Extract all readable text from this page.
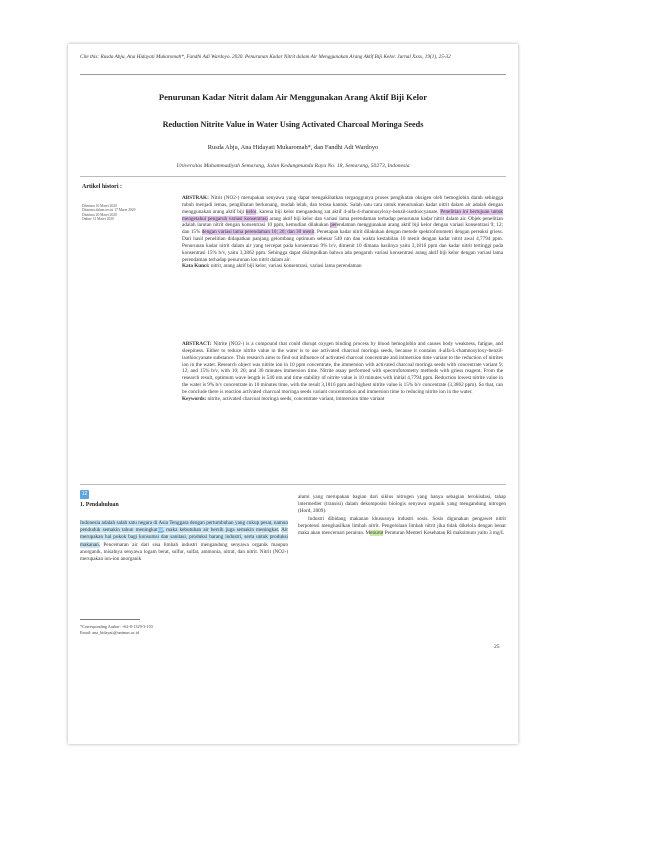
Cite this: Rusda Abju, Ana Hidayati Mukaromah*, Fandhi Adi Wardoyo. 2020. Penurunan Kadar Nitrit dalam Air Menggunakan Arang Aktif Biji Kelor. Jurnal Xxxx, 19(1), 25-32
Penurunan Kadar Nitrit dalam Air Menggunakan Arang Aktif Biji Kelor
Reduction Nitrite Value in Water Using Activated Charcoal Moringa Seeds
Rusda Abju, Ana Hidayati Mukaromah*, dan Fandhi Adi Wardoyo
Universitas Muhammadiyah Semarang, Jalan Kedungmundu Raya No. 18, Semarang, 50273, Indonesia
Artikel histori :
Diterima 16 Maret 2020
Diterima dalam revisi 17 Maret 2020
Diterima 20 Maret 2020
Online 31 Maret 2020
ABSTRAK: Nitrit (NO2-) merupakan senyawa yang dapat mengakibatkan terganggunya proses pengikatan oksigen oleh hemoglobin darah sehingga tubuh menjadi lemas, penglihatan berkunang, mudah lelah, dan terasa kantuk. Salah satu cara untuk menurunkan kadar nitrit dalam air adalah dengan menggunakan arang aktif biji kelor, karena biji kelor mengandung zat aktif 4-alfa-4-rhamnosyloxy-benzil-isothiocyanate. Penelitian ini bertujuan untuk mengetahui pengaruh variasi konsentrasi arang aktif biji kelor dan variasi lama perendaman terhadap penurunan kadar nitrit dalam air. Objek penelitian adalah larutan nitrit dengan konsentrasi 10 ppm, kemudian dilakukan perendaman menggunakan arang aktif biji kelor dengan variasi konsentrasi 9; 12; dan 15% dengan variasi lama perendaman 10; 20; dan 30 menit. Penetapan kadar nitrit dilakukan dengan metode spektrofotometri dengan pereaksi griess. Dari hasil penelitian didapatkan panjang gelombang optimum sebesar 540 nm dan waktu kestabilan 10 menit dengan kadar nitrit awal 4,7794 ppm. Penurunan kadar nitrit dalam air yang tercepat pada konsentrasi 9% b/v, dimenit 10 dimana hasilnya yaitu 3,1816 ppm dan kadar nitrit tertinggi pada konsentrasi 15% b/v, yaitu 3,3862 ppm. Sehingga dapat disimpulkan bahwa ada pengaruh variasi konsentrasi arang aktif biji kelor dengan variasi lama perendaman terhadap penurunan ion nitrit dalam air.
Kata Kunci: nitrit, arang aktif biji kelor, variasi konsentrasi, variasi lama perendaman
ABSTRACT: Nitrite (NO2-) is a compound that could disrupt oxygen binding process by blood hemoglobin and causes body weakness, fatigue, and sleepiness. Either to reduce nitrite value in the water is to use activated charcoal moringa seeds, because it contains 4-alfa-L-rhamnosyloxy-benzil-isothiocyanate substance. This research aims to find out influence of activated charcoal concentrate and immersion time variant to the reduction of nitrites ion in the water. Research object was nitrite ion in 10 ppm concentrate, the immersion with activated charcoal moringa seeds with concentrate variant 9; 12; and 15% b/v, with 10; 20; and 30 minutes immersion time. Nitrite assay performed with spectrofotometry methods with griess reagent. From the research result, optimum wave length is 540 nm and time stability of nitrite value is 10 minutes with initial 4,7794 ppm. Reduction lowest nitrite value in the water is 9% b/v concentrate in 10 minutes time, with the result 3,1816 ppm and highest nitrite value is 15% b/v concentrate (3,3862 ppm). So that, can be conclude there is reaction activated charcoal moringa seeds variant concentration and immersion time to reducing nitrite ion in the water.
Keywords: nitrite, activated charcoal moringa seeds, concentrate variant, immersion time variant
12
1. Pendahuluan
Indonesia adalah salah satu negara di Asia Tenggara dengan pertumbuhan yang cukup pesat, namun penduduk semakin tahun meningkat12, maka kebutuhan air bersih juga semakin meningkat. Air merupakan hal pokok bagi konsumsi dan sanitasi, produksi barang industri, serta untuk produksi makanan. Pencemaran air dari sisa limbah industri mengandung senyawa organik maupun anorganik, misalnya senyawa logam berat, sulfur, sulfat, ammonia, nitrat, dan nitrit. Nitrit (NO2-) merupakan ion-ion anorganik

alami yang merupakan bagian dari siklus nitrogen yang hanya sebagian terokisdasi, tahap intermedier (transisi) dalam dekomposisi biologis senyawa organik yang mengandung nitrogen (Hord, 2009).

Industri dibidang makanan khususnya industri sosis. Sosis digunakan pengawet nitrit berpotensi menghasilkan limbah nitrit. Pengelolaan limbah nitrit jika tidak dikelola dengan benar maka akan mencemari perairan. Menurut Peraturan Menteri Kesehatan RI maksimum yaitu 3 mg/L

*Corresponding Author: +62-8-1329-3-103
Email: ana_hidayati@unimus.ac.id
25
